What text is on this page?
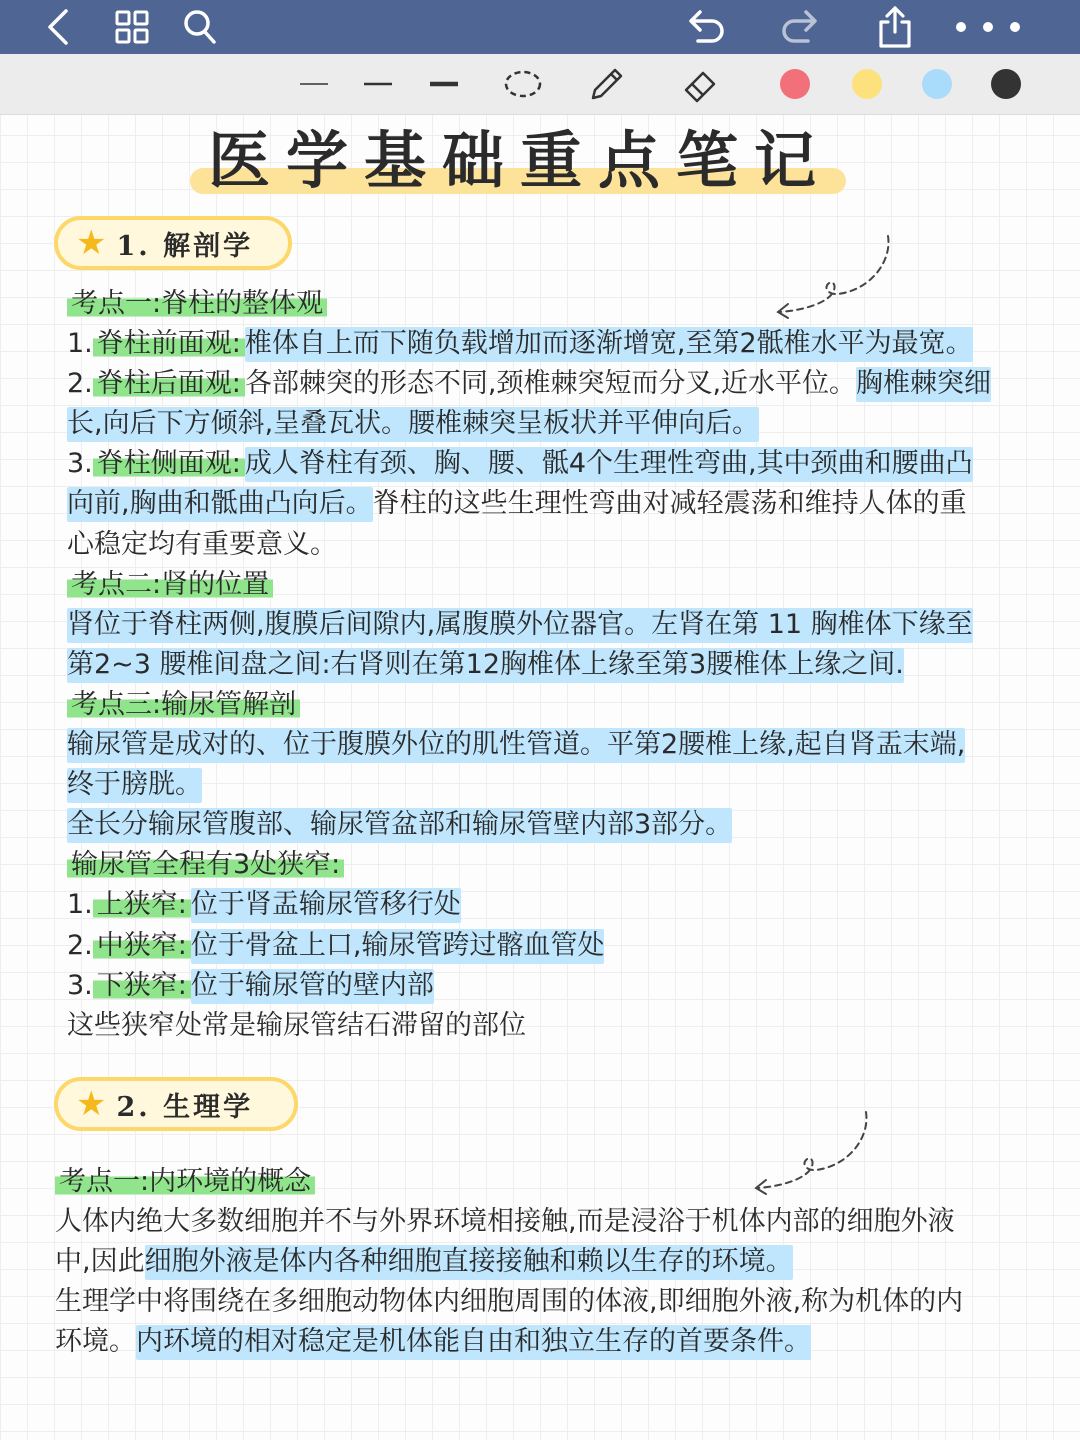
医学基础重点笔记
★ 1. 解剖学
考点一:脊柱的整体观
1. 脊柱前面观: 椎体自上而下随负载增加而逐渐增宽,至第2骶椎水平为最宽。
2. 脊柱后面观: 各部棘突的形态不同,颈椎棘突短而分叉,近水平位。胸椎棘突细
长,向后下方倾斜,呈叠瓦状。腰椎棘突呈板状并平伸向后。
3. 脊柱侧面观: 成人脊柱有颈、胸、腰、骶4个生理性弯曲,其中颈曲和腰曲凸
向前,胸曲和骶曲凸向后。脊柱的这些生理性弯曲对减轻震荡和维持人体的重
心稳定均有重要意义。
考点二:肾的位置
肾位于脊柱两侧,腹膜后间隙内,属腹膜外位器官。左肾在第 11 胸椎体下缘至
第2~3 腰椎间盘之间:右肾则在第12胸椎体上缘至第3腰椎体上缘之间.
考点三:输尿管解剖
输尿管是成对的、位于腹膜外位的肌性管道。平第2腰椎上缘,起自肾盂末端,
终于膀胱。
全长分输尿管腹部、输尿管盆部和输尿管壁内部3部分。
输尿管全程有3处狭窄:
1. 上狭窄: 位于肾盂输尿管移行处
2. 中狭窄: 位于骨盆上口,输尿管跨过髂血管处
3. 下狭窄: 位于输尿管的壁内部
这些狭窄处常是输尿管结石滞留的部位
★ 2. 生理学
考点一:内环境的概念
人体内绝大多数细胞并不与外界环境相接触,而是浸浴于机体内部的细胞外液
中,因此细胞外液是体内各种细胞直接接触和赖以生存的环境。
生理学中将围绕在多细胞动物体内细胞周围的体液,即细胞外液,称为机体的内
环境。内环境的相对稳定是机体能自由和独立生存的首要条件。
